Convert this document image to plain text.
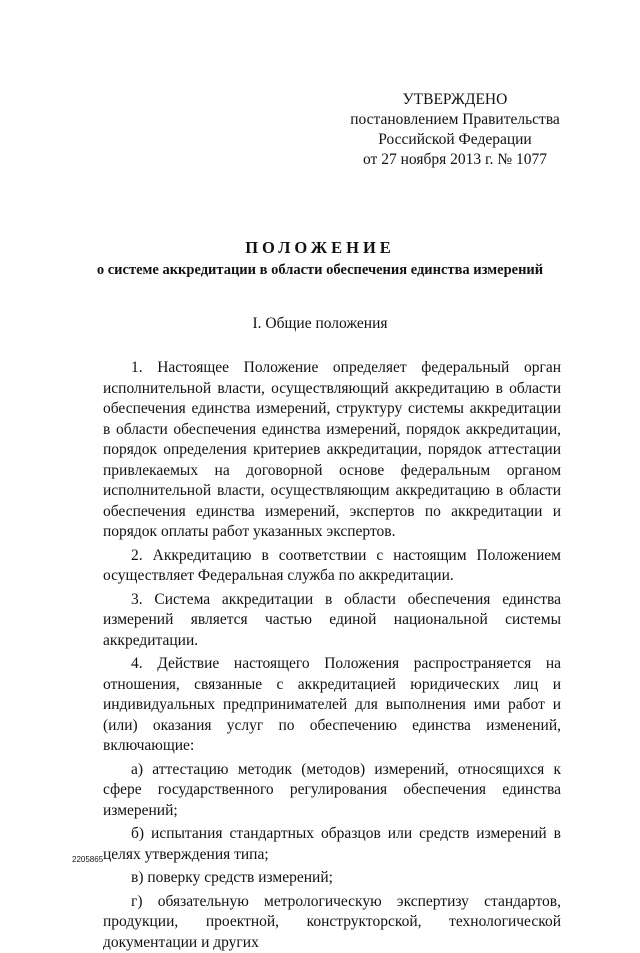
УТВЕРЖДЕНО
постановлением Правительства
Российской Федерации
от 27 ноября 2013 г. № 1077
ПОЛОЖЕНИЕ
о системе аккредитации в области обеспечения единства измерений
I. Общие положения

1. Настоящее Положение определяет федеральный орган исполнительной власти, осуществляющий аккредитацию в области обеспечения единства измерений, структуру системы аккредитации в области обеспечения единства измерений, порядок аккредитации, порядок определения критериев аккредитации, порядок аттестации привлекаемых на договорной основе федеральным органом исполнительной власти, осуществляющим аккредитацию в области обеспечения единства измерений, экспертов по аккредитации и порядок оплаты работ указанных экспертов.

2. Аккредитацию в соответствии с настоящим Положением осуществляет Федеральная служба по аккредитации.

3. Система аккредитации в области обеспечения единства измерений является частью единой национальной системы аккредитации.

4. Действие настоящего Положения распространяется на отношения, связанные с аккредитацией юридических лиц и индивидуальных предпринимателей для выполнения ими работ и (или) оказания услуг по обеспечению единства изменений, включающие:

а) аттестацию методик (методов) измерений, относящихся к сфере государственного регулирования обеспечения единства измерений;

б) испытания стандартных образцов или средств измерений в целях утверждения типа;

в) поверку средств измерений;

г) обязательную метрологическую экспертизу стандартов, продукции, проектной, конструкторской, технологической документации и других

2205865
